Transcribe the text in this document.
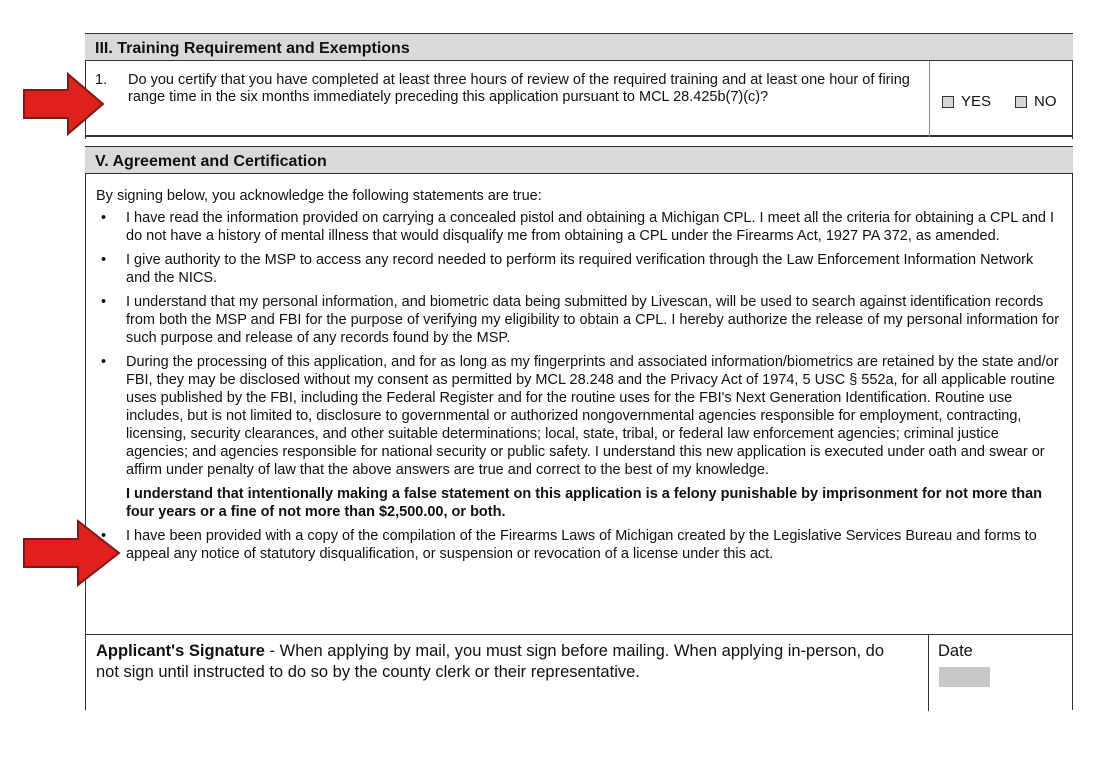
III. Training Requirement and Exemptions
1. Do you certify that you have completed at least three hours of review of the required training and at least one hour of firing range time in the six months immediately preceding this application pursuant to MCL 28.425b(7)(c)?	YES	NO
V. Agreement and Certification
By signing below, you acknowledge the following statements are true:
• I have read the information provided on carrying a concealed pistol and obtaining a Michigan CPL. I meet all the criteria for obtaining a CPL and I do not have a history of mental illness that would disqualify me from obtaining a CPL under the Firearms Act, 1927 PA 372, as amended.
• I give authority to the MSP to access any record needed to perform its required verification through the Law Enforcement Information Network and the NICS.
• I understand that my personal information, and biometric data being submitted by Livescan, will be used to search against identification records from both the MSP and FBI for the purpose of verifying my eligibility to obtain a CPL. I hereby authorize the release of my personal information for such purpose and release of any records found by the MSP.
• During the processing of this application, and for as long as my fingerprints and associated information/biometrics are retained by the state and/or FBI, they may be disclosed without my consent as permitted by MCL 28.248 and the Privacy Act of 1974, 5 USC § 552a, for all applicable routine uses published by the FBI, including the Federal Register and for the routine uses for the FBI's Next Generation Identification. Routine use includes, but is not limited to, disclosure to governmental or authorized nongovernmental agencies responsible for employment, contracting, licensing, security clearances, and other suitable determinations; local, state, tribal, or federal law enforcement agencies; criminal justice agencies; and agencies responsible for national security or public safety. I understand this new application is executed under oath and swear or affirm under penalty of law that the above answers are true and correct to the best of my knowledge.
I understand that intentionally making a false statement on this application is a felony punishable by imprisonment for not more than four years or a fine of not more than $2,500.00, or both.
• I have been provided with a copy of the compilation of the Firearms Laws of Michigan created by the Legislative Services Bureau and forms to appeal any notice of statutory disqualification, or suspension or revocation of a license under this act.
Applicant's Signature - When applying by mail, you must sign before mailing. When applying in-person, do not sign until instructed to do so by the county clerk or their representative.
Date
